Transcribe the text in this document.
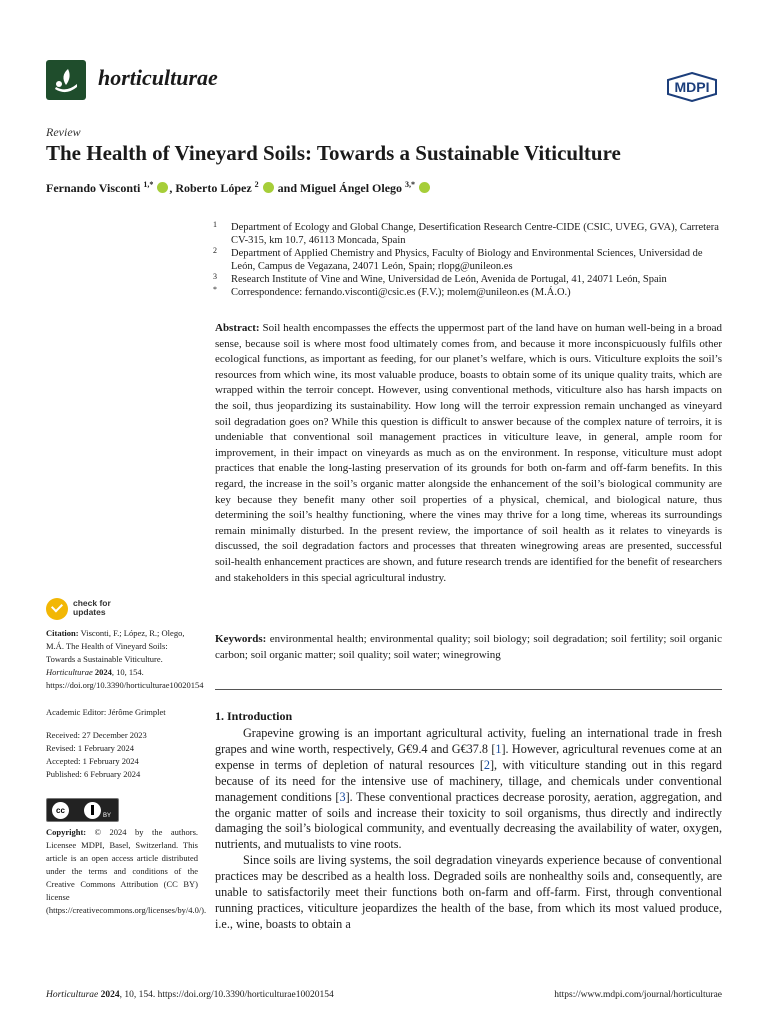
horticulturae	MDPI
Review
The Health of Vineyard Soils: Towards a Sustainable Viticulture
Fernando Visconti $^{1,*}$ , Roberto López $^2$  and Miguel Ángel Olego $^{3,*}$
1 Department of Ecology and Global Change, Desertification Research Centre-CIDE (CSIC, UVEG, GVA), Carretera CV-315, km 10.7, 46113 Moncada, Spain
2 Department of Applied Chemistry and Physics, Faculty of Biology and Environmental Sciences, Universidad de León, Campus de Vegazana, 24071 León, Spain; rlopg@unileon.es
3 Research Institute of Vine and Wine, Universidad de León, Avenida de Portugal, 41, 24071 León, Spain
* Correspondence: fernando.visconti@csic.es (F.V.); molem@unileon.es (M.Á.O.)
Abstract: Soil health encompasses the effects the uppermost part of the land have on human well-being in a broad sense, because soil is where most food ultimately comes from, and because it more inconspicuously fulfils other ecological functions, as important as feeding, for our planet’s welfare, which is ours. Viticulture exploits the soil’s resources from which wine, its most valuable produce, boasts to obtain some of its unique quality traits, which are wrapped within the terroir concept. However, using conventional methods, viticulture also has harsh impacts on the soil, thus jeopardizing its sustainability. How long will the terroir expression remain unchanged as vineyard soil degradation goes on? While this question is difficult to answer because of the complex nature of terroirs, it is undeniable that conventional soil management practices in viticulture leave, in general, ample room for improvement, in their impact on vineyards as much as on the environment. In response, viticulture must adopt practices that enable the long-lasting preservation of its grounds for both on-farm and off-farm benefits. In this regard, the increase in the soil’s organic matter alongside the enhancement of the soil’s biological community are key because they benefit many other soil properties of a physical, chemical, and biological nature, thus determining the soil’s healthy functioning, where the vines may thrive for a long time, whereas its surroundings remain minimally disturbed. In the present review, the importance of soil health as it relates to vineyards is discussed, the soil degradation factors and processes that threaten winegrowing areas are presented, successful soil-health enhancement practices are shown, and future research trends are identified for the benefit of researchers and stakeholders in this special agricultural industry.
Keywords: environmental health; environmental quality; soil biology; soil degradation; soil fertility; soil organic carbon; soil organic matter; soil quality; soil water; winegrowing
check for
updates
Citation: Visconti, F.; López, R.; Olego, M.Á. The Health of Vineyard Soils: Towards a Sustainable Viticulture. Horticulturae 2024, 10, 154. https://doi.org/10.3390/horticulturae10020154
Academic Editor: Jérôme Grimplet
Received: 27 December 2023
Revised: 1 February 2024
Accepted: 1 February 2024
Published: 6 February 2024
cc
BY
Copyright: © 2024 by the authors. Licensee MDPI, Basel, Switzerland. This article is an open access article distributed under the terms and conditions of the Creative Commons Attribution (CC BY) license (https://creativecommons.org/licenses/by/4.0/).
1. Introduction

Grapevine growing is an important agricultural activity, fueling an international trade in fresh grapes and wine worth, respectively, G€9.4 and G€37.8 [1]. However, agricultural revenues come at an expense in terms of depletion of natural resources [2], with viticulture standing out in this regard because of its need for the intensive use of machinery, tillage, and chemicals under conventional management conditions [3]. These conventional practices decrease porosity, aeration, aggregation, and the organic matter of soils and increase their toxicity to soil organisms, thus directly and indirectly damaging the soil’s biological community, and eventually decreasing the availability of water, oxygen, nutrients, and mutualists to vine roots.

Since soils are living systems, the soil degradation vineyards experience because of conventional practices may be described as a health loss. Degraded soils are nonhealthy soils and, consequently, are unable to satisfactorily meet their functions both on-farm and off-farm. First, through conventional running practices, viticulture jeopardizes the health of the base, from which its most valued produce, i.e., wine, boasts to obtain a

Horticulturae 2024, 10, 154. https://doi.org/10.3390/horticulturae10020154	https://www.mdpi.com/journal/horticulturae
